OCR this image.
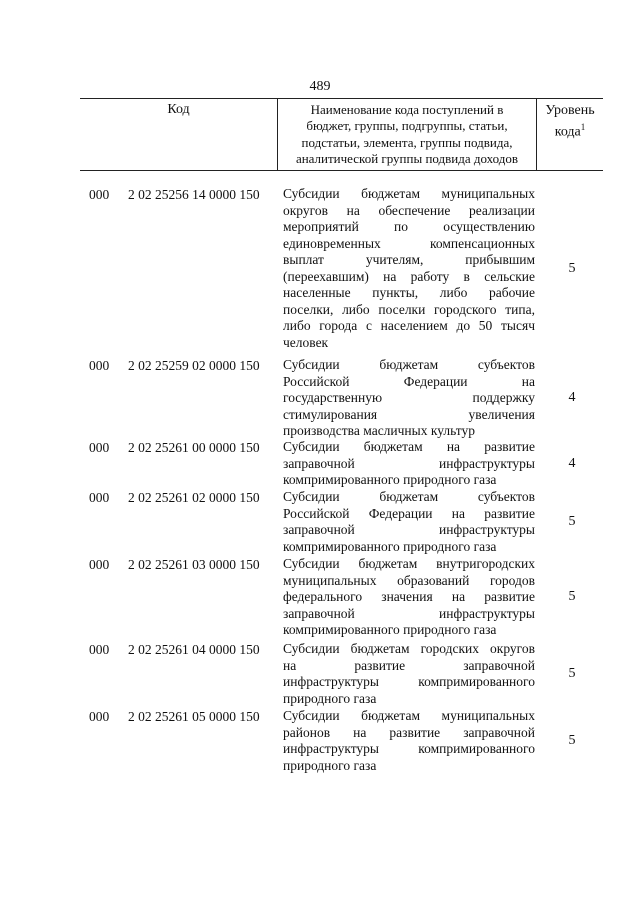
489
Код	Наименование кода поступлений в
бюджет, группы, подгруппы, статьи,
подстатьи, элемента, группы подвида,
аналитической группы подвида доходов
Уровень
кода$^1$
000 2 02 25256 14 0000 150 Субсидии бюджетам муниципальных
округов на обеспечение реализации
мероприятий по осуществлению
единовременных компенсационных
выплат учителям, прибывшим
(переехавшим) на работу в сельские
населенные пункты, либо рабочие
поселки, либо поселки городского типа,
либо города с населением до 50 тысяч
человек
5
000 2 02 25259 02 0000 150 Субсидии бюджетам субъектов
Российской Федерации на
государственную поддержку
стимулирования увеличения
производства масличных культур
4
000 2 02 25261 00 0000 150 Субсидии бюджетам на развитие
заправочной инфраструктуры
компримированного природного газа
4
000 2 02 25261 02 0000 150 Субсидии бюджетам субъектов
Российской Федерации на развитие
заправочной инфраструктуры
компримированного природного газа
5
000 2 02 25261 03 0000 150 Субсидии бюджетам внутригородских
муниципальных образований городов
федерального значения на развитие
заправочной инфраструктуры
компримированного природного газа
5
000 2 02 25261 04 0000 150 Субсидии бюджетам городских округов
на развитие заправочной
инфраструктуры компримированного
природного газа
5
000 2 02 25261 05 0000 150 Субсидии бюджетам муниципальных
районов на развитие заправочной
инфраструктуры компримированного
природного газа
5
